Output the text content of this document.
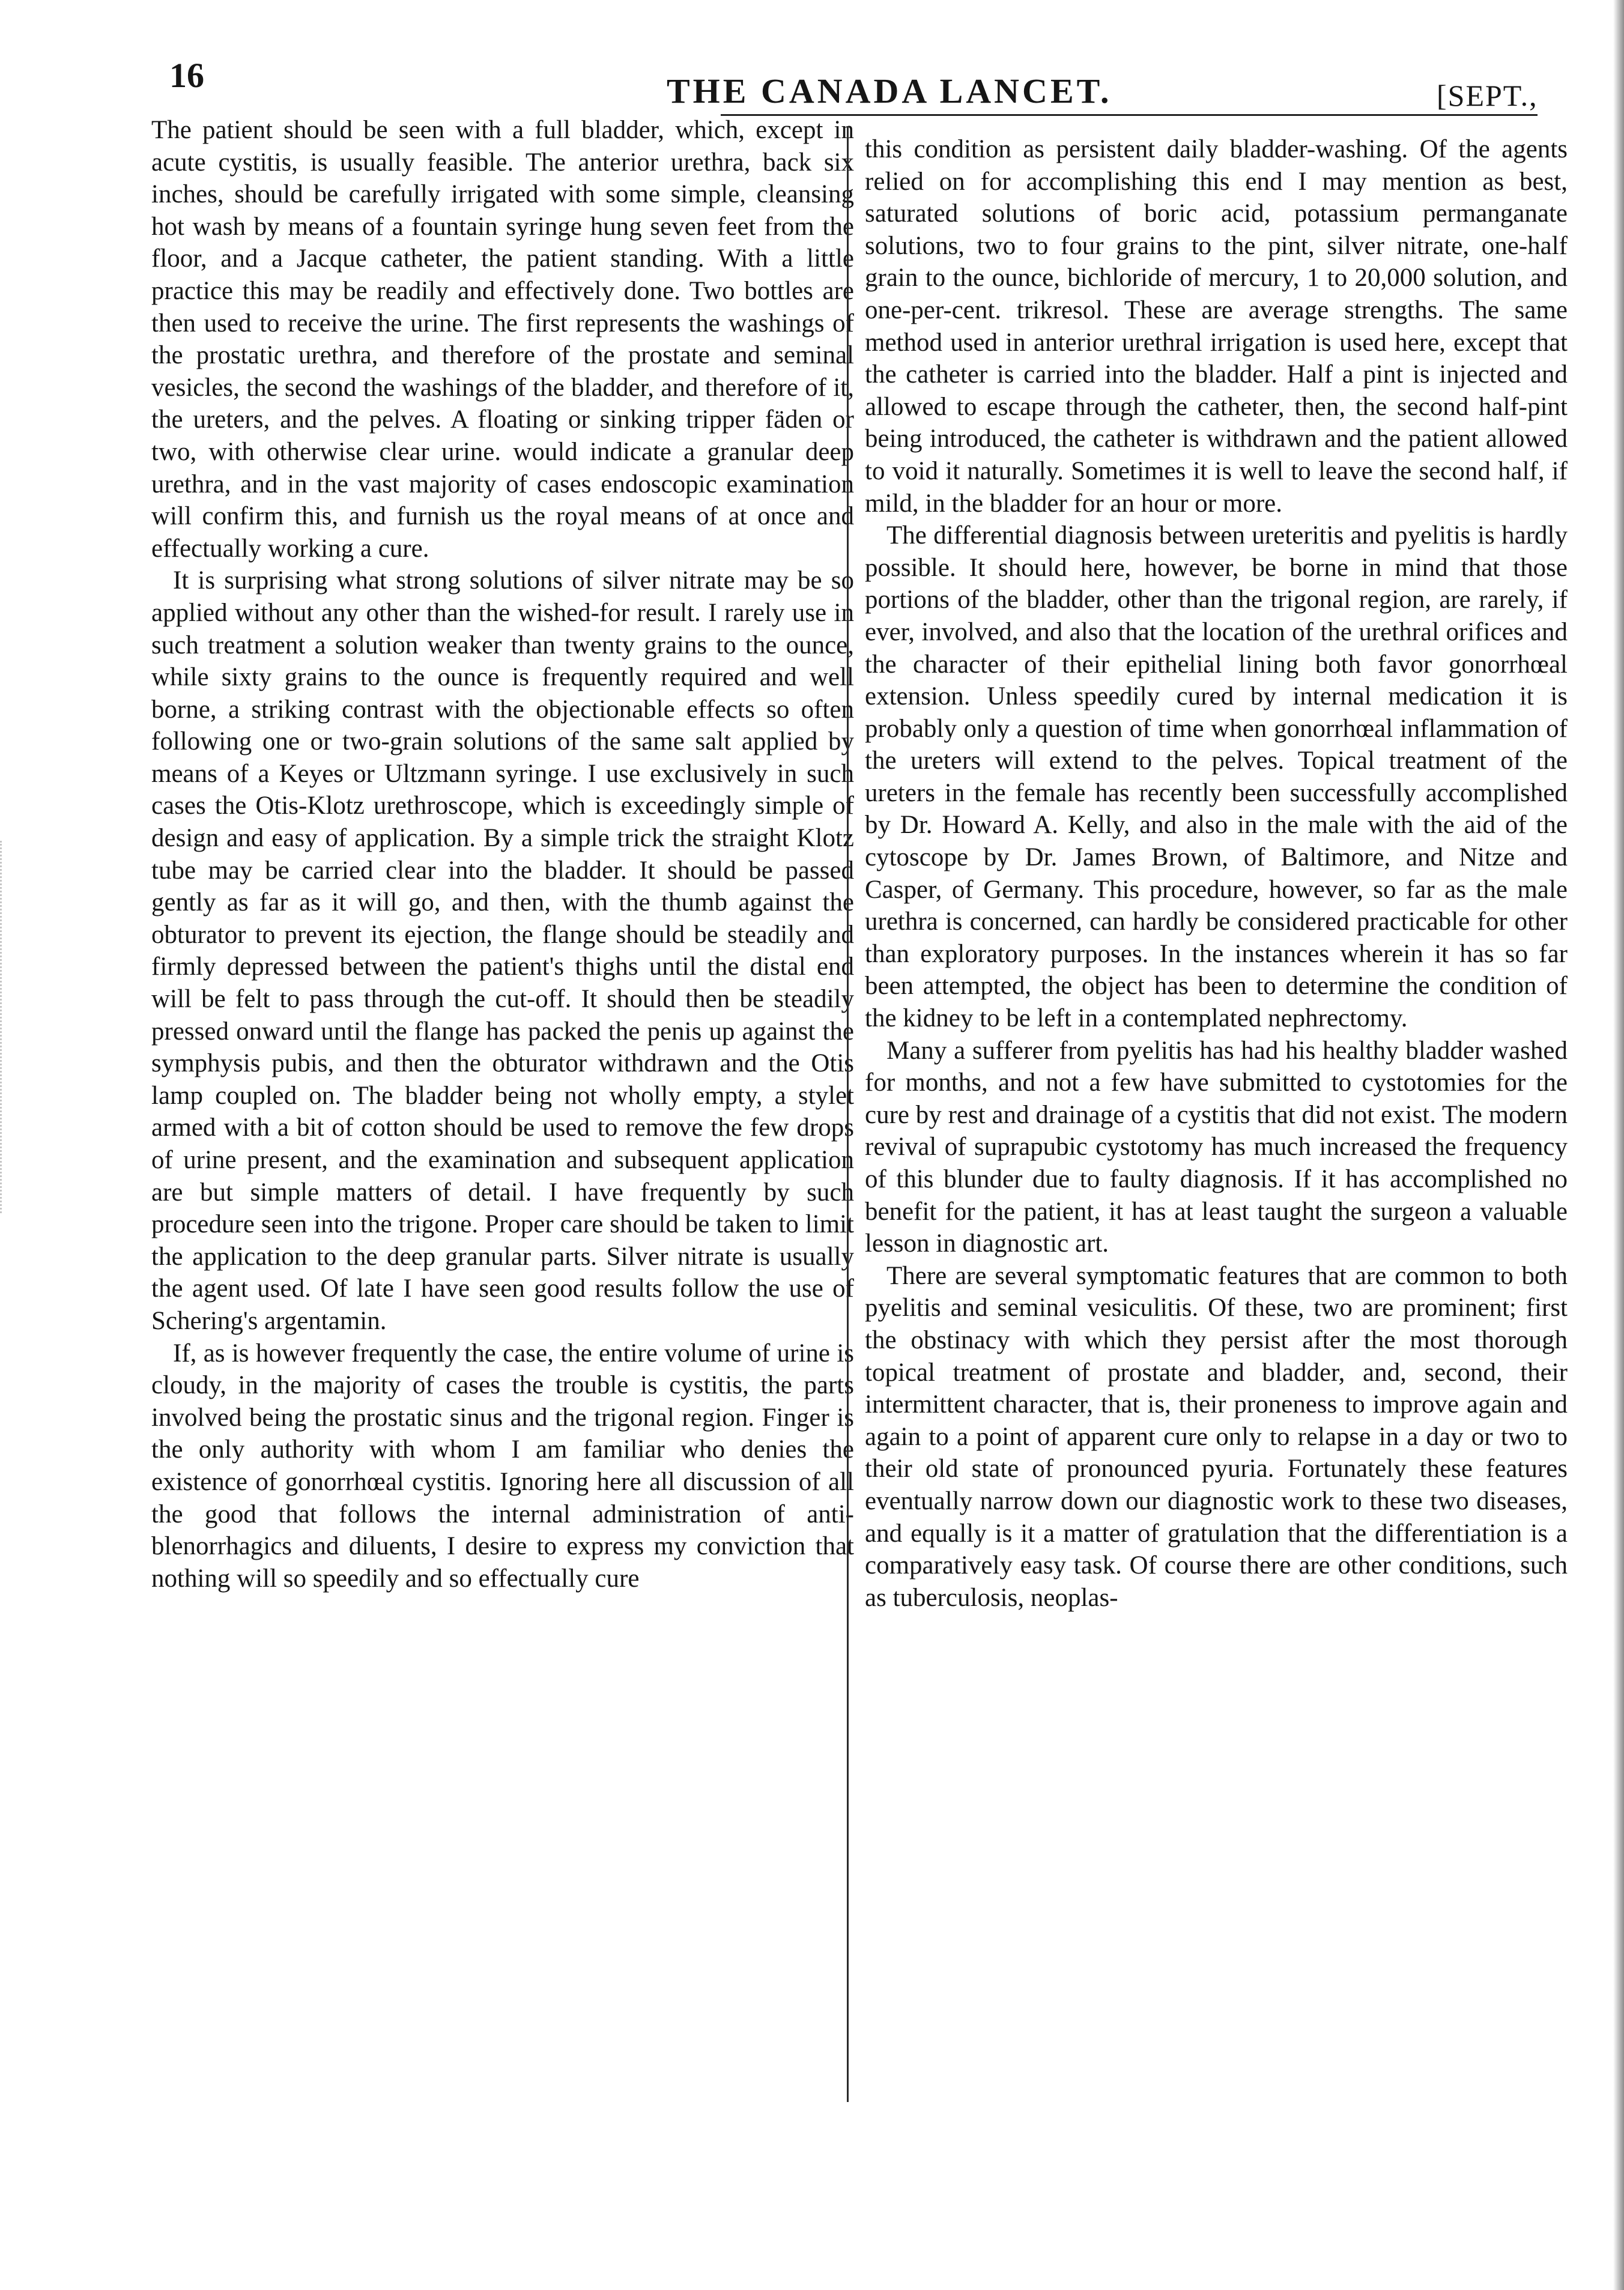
16	THE CANADA LANCET.	[SEPT.,

The patient should be seen with a full bladder, which, except in acute cystitis, is usually feasible. The anterior urethra, back six inches, should be carefully irrigated with some simple, cleansing hot wash by means of a fountain syringe hung seven feet from the floor, and a Jacque catheter, the patient standing. With a little practice this may be readily and effectively done. Two bottles are then used to receive the urine. The first represents the washings of the prostatic urethra, and therefore of the prostate and seminal vesicles, the second the washings of the bladder, and therefore of it, the ureters, and the pelves. A floating or sinking tripper fäden or two, with otherwise clear urine. would indicate a granular deep urethra, and in the vast majority of cases endoscopic examination will confirm this, and furnish us the royal means of at once and effectually working a cure.

It is surprising what strong solutions of silver nitrate may be so applied without any other than the wished-for result. I rarely use in such treatment a solution weaker than twenty grains to the ounce, while sixty grains to the ounce is frequently required and well borne, a striking contrast with the objectionable effects so often following one or two-grain solutions of the same salt applied by means of a Keyes or Ultzmann syringe. I use exclusively in such cases the Otis-Klotz urethroscope, which is exceedingly simple of design and easy of application. By a simple trick the straight Klotz tube may be carried clear into the bladder. It should be passed gently as far as it will go, and then, with the thumb against the obturator to prevent its ejection, the flange should be steadily and firmly depressed between the patient's thighs until the distal end will be felt to pass through the cut-off. It should then be steadily pressed onward until the flange has packed the penis up against the symphysis pubis, and then the obturator withdrawn and the Otis lamp coupled on. The bladder being not wholly empty, a stylet armed with a bit of cotton should be used to remove the few drops of urine present, and the examination and subsequent application are but simple matters of detail. I have frequently by such procedure seen into the trigone. Proper care should be taken to limit the application to the deep granular parts. Silver nitrate is usually the agent used. Of late I have seen good results follow the use of Schering's argentamin.

If, as is however frequently the case, the entire volume of urine is cloudy, in the majority of cases the trouble is cystitis, the parts involved being the prostatic sinus and the trigonal region. Finger is the only authority with whom I am familiar who denies the existence of gonorrhœal cystitis. Ignoring here all discussion of all the good that follows the internal administration of anti-blenorrhagics and diluents, I desire to express my conviction that nothing will so speedily and so effectually cure

this condition as persistent daily bladder-washing. Of the agents relied on for accomplishing this end I may mention as best, saturated solutions of boric acid, potassium permanganate solutions, two to four grains to the pint, silver nitrate, one-half grain to the ounce, bichloride of mercury, 1 to 20,000 solution, and one-per-cent. trikresol. These are average strengths. The same method used in anterior urethral irrigation is used here, except that the catheter is carried into the bladder. Half a pint is injected and allowed to escape through the catheter, then, the second half-pint being introduced, the catheter is withdrawn and the patient allowed to void it naturally. Sometimes it is well to leave the second half, if mild, in the bladder for an hour or more.

The differential diagnosis between ureteritis and pyelitis is hardly possible. It should here, however, be borne in mind that those portions of the bladder, other than the trigonal region, are rarely, if ever, involved, and also that the location of the urethral orifices and the character of their epithelial lining both favor gonorrhœal extension. Unless speedily cured by internal medication it is probably only a question of time when gonorrhœal inflammation of the ureters will extend to the pelves. Topical treatment of the ureters in the female has recently been successfully accomplished by Dr. Howard A. Kelly, and also in the male with the aid of the cytoscope by Dr. James Brown, of Baltimore, and Nitze and Casper, of Germany. This procedure, however, so far as the male urethra is concerned, can hardly be considered practicable for other than exploratory purposes. In the instances wherein it has so far been attempted, the object has been to determine the condition of the kidney to be left in a contemplated nephrectomy.

Many a sufferer from pyelitis has had his healthy bladder washed for months, and not a few have submitted to cystotomies for the cure by rest and drainage of a cystitis that did not exist. The modern revival of suprapubic cystotomy has much increased the frequency of this blunder due to faulty diagnosis. If it has accomplished no benefit for the patient, it has at least taught the surgeon a valuable lesson in diagnostic art.

There are several symptomatic features that are common to both pyelitis and seminal vesiculitis. Of these, two are prominent; first the obstinacy with which they persist after the most thorough topical treatment of prostate and bladder, and, second, their intermittent character, that is, their proneness to improve again and again to a point of apparent cure only to relapse in a day or two to their old state of pronounced pyuria. Fortunately these features eventually narrow down our diagnostic work to these two diseases, and equally is it a matter of gratulation that the differentiation is a comparatively easy task. Of course there are other conditions, such as tuberculosis, neoplas-
